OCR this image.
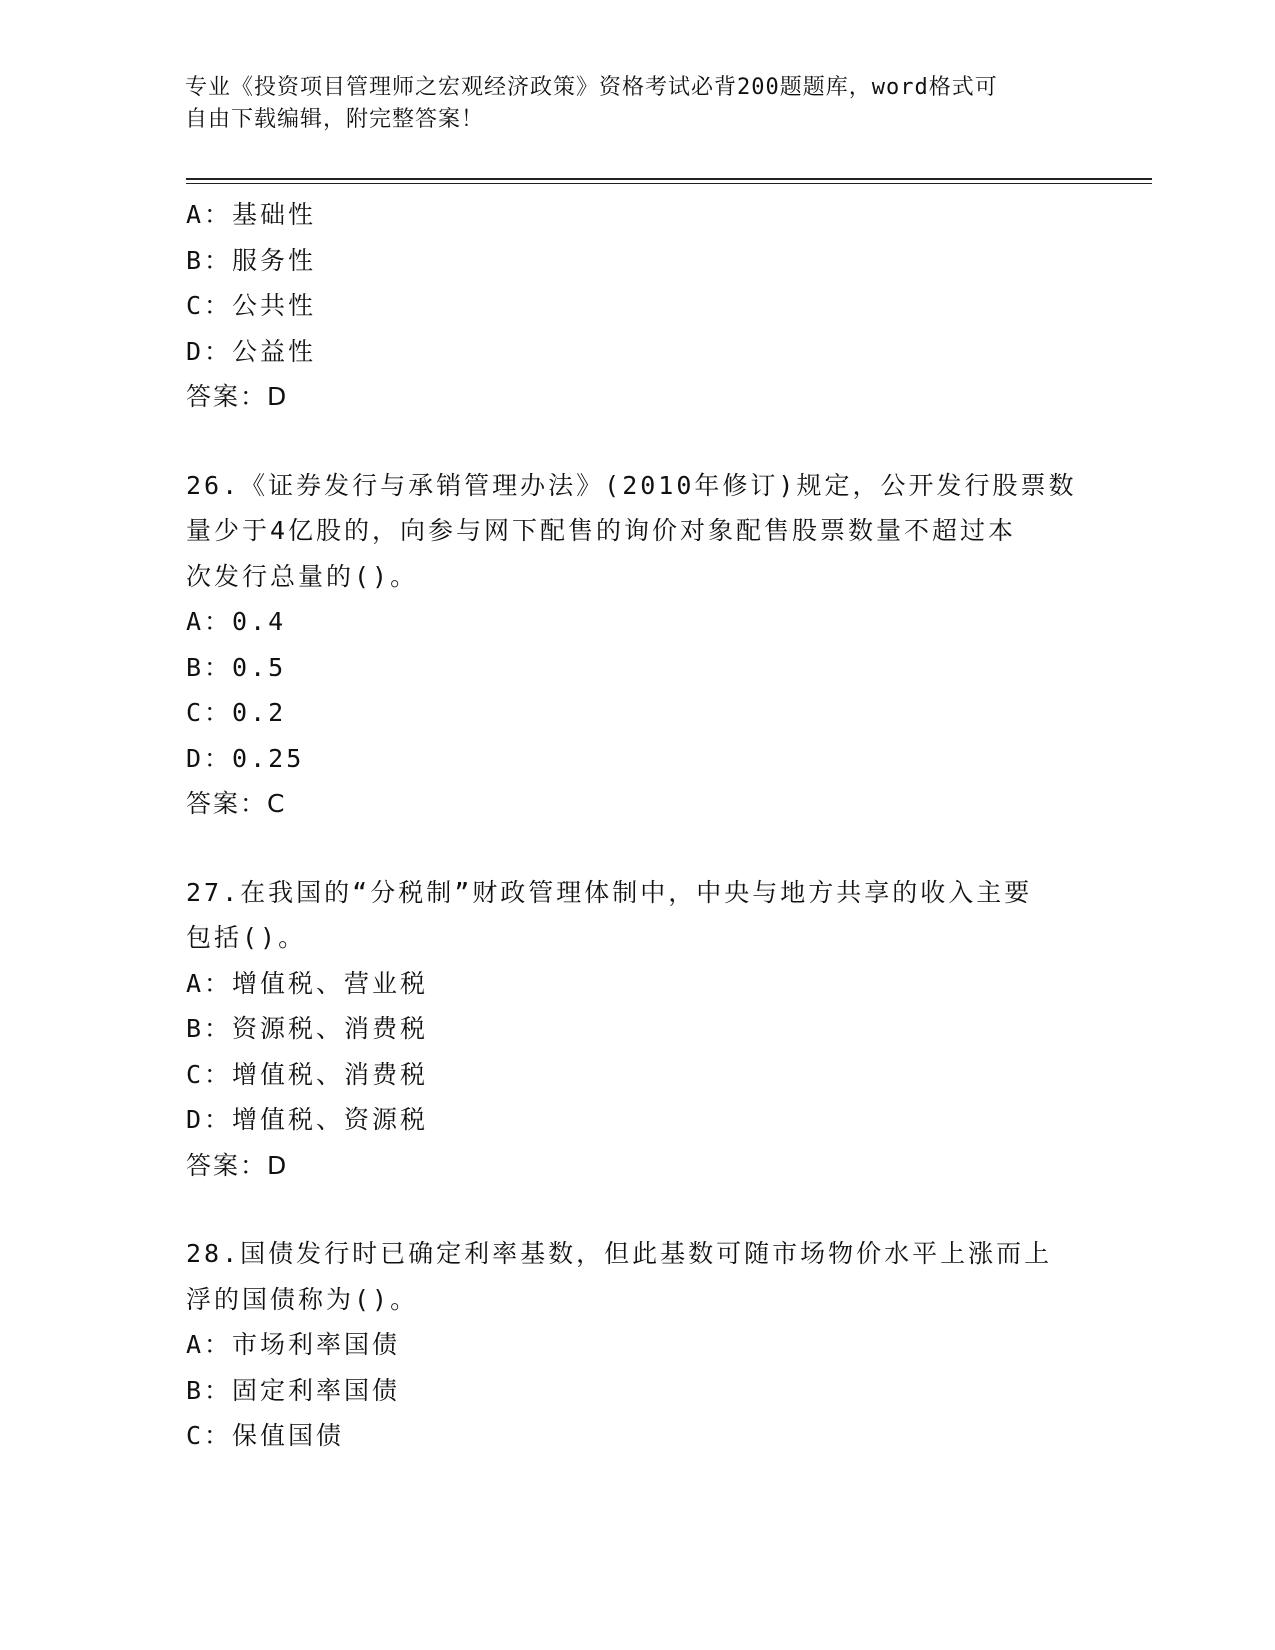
专业《投资项目管理师之宏观经济政策》资格考试必背200题题库，word格式可
自由下载编辑，附完整答案！
A：基础性
B：服务性
C：公共性
D：公益性
答案：D
26.《证券发行与承销管理办法》(2010年修订)规定，公开发行股票数
量少于4亿股的，向参与网下配售的询价对象配售股票数量不超过本
次发行总量的()。
A：0.4
B：0.5
C：0.2
D：0.25
答案：C
27.在我国的“分税制”财政管理体制中，中央与地方共享的收入主要
包括()。
A：增值税、营业税
B：资源税、消费税
C：增值税、消费税
D：增值税、资源税
答案：D
28.国债发行时已确定利率基数，但此基数可随市场物价水平上涨而上
浮的国债称为()。
A：市场利率国债
B：固定利率国债
C：保值国债
